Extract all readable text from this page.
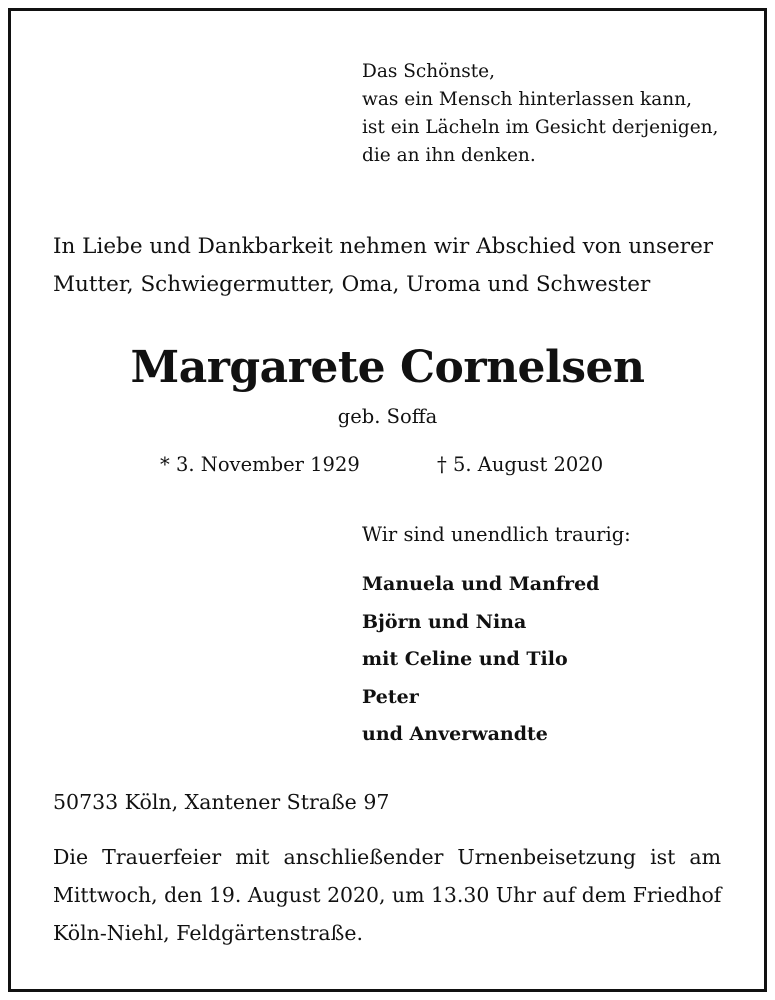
Das Schönste,
was ein Mensch hinterlassen kann,
ist ein Lächeln im Gesicht derjenigen,
die an ihn denken.
In Liebe und Dankbarkeit nehmen wir Abschied von unserer
Mutter, Schwiegermutter, Oma, Uroma und Schwester
Margarete Cornelsen
geb. Soffa
* 3. November 1929	† 5. August 2020
Wir sind unendlich traurig:
Manuela und Manfred
Björn und Nina
mit Celine und Tilo
Peter
und Anverwandte
50733 Köln, Xantener Straße 97
Die Trauerfeier mit anschließender Urnenbeisetzung ist am
Mittwoch, den 19. August 2020, um 13.30 Uhr auf dem Friedhof
Köln-Niehl, Feldgärtenstraße.
